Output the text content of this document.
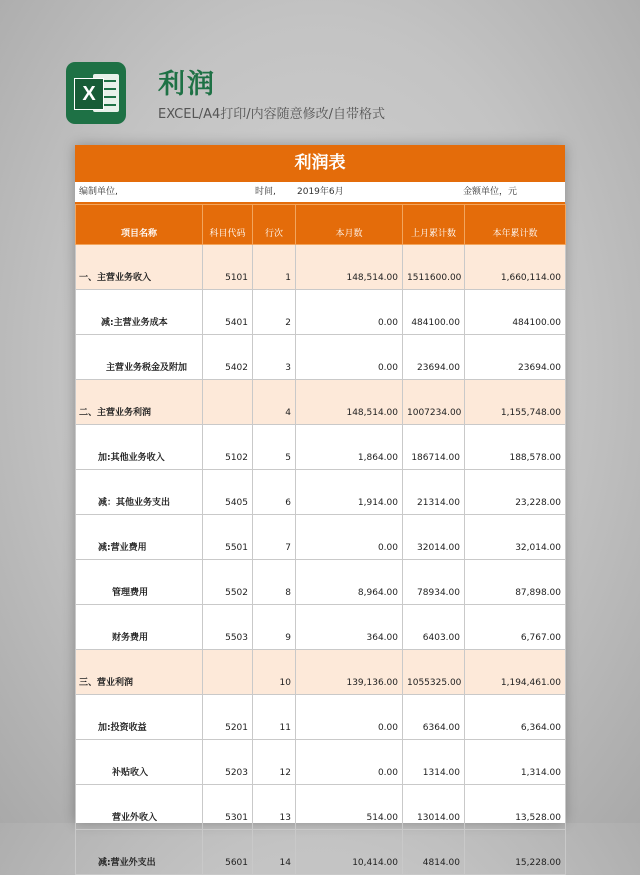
X	利润
EXCEL/A4打印/内容随意修改/自带格式
利润表
编制单位,	时间, 2019年6月	金额单位，元
项目名称	科目代码	行次	本月数	上月累计数	本年累计数
一、主营业务收入	5101	1	148,514.00	1511600.00	1,660,114.00
减:主营业务成本	5401	2	0.00	484100.00	484100.00
主营业务税金及附加	5402	3	0.00	23694.00	23694.00
二、主营业务利润		4	148,514.00	1007234.00	1,155,748.00
加:其他业务收入	5102	5	1,864.00	186714.00	188,578.00
减：其他业务支出	5405	6	1,914.00	21314.00	23,228.00
减:营业费用	5501	7	0.00	32014.00	32,014.00
管理费用	5502	8	8,964.00	78934.00	87,898.00
财务费用	5503	9	364.00	6403.00	6,767.00
三、营业利润		10	139,136.00	1055325.00	1,194,461.00
加:投资收益	5201	11	0.00	6364.00	6,364.00
补贴收入	5203	12	0.00	1314.00	1,314.00
营业外收入	5301	13	514.00	13014.00	13,528.00
减:营业外支出	5601	14	10,414.00	4814.00	15,228.00
